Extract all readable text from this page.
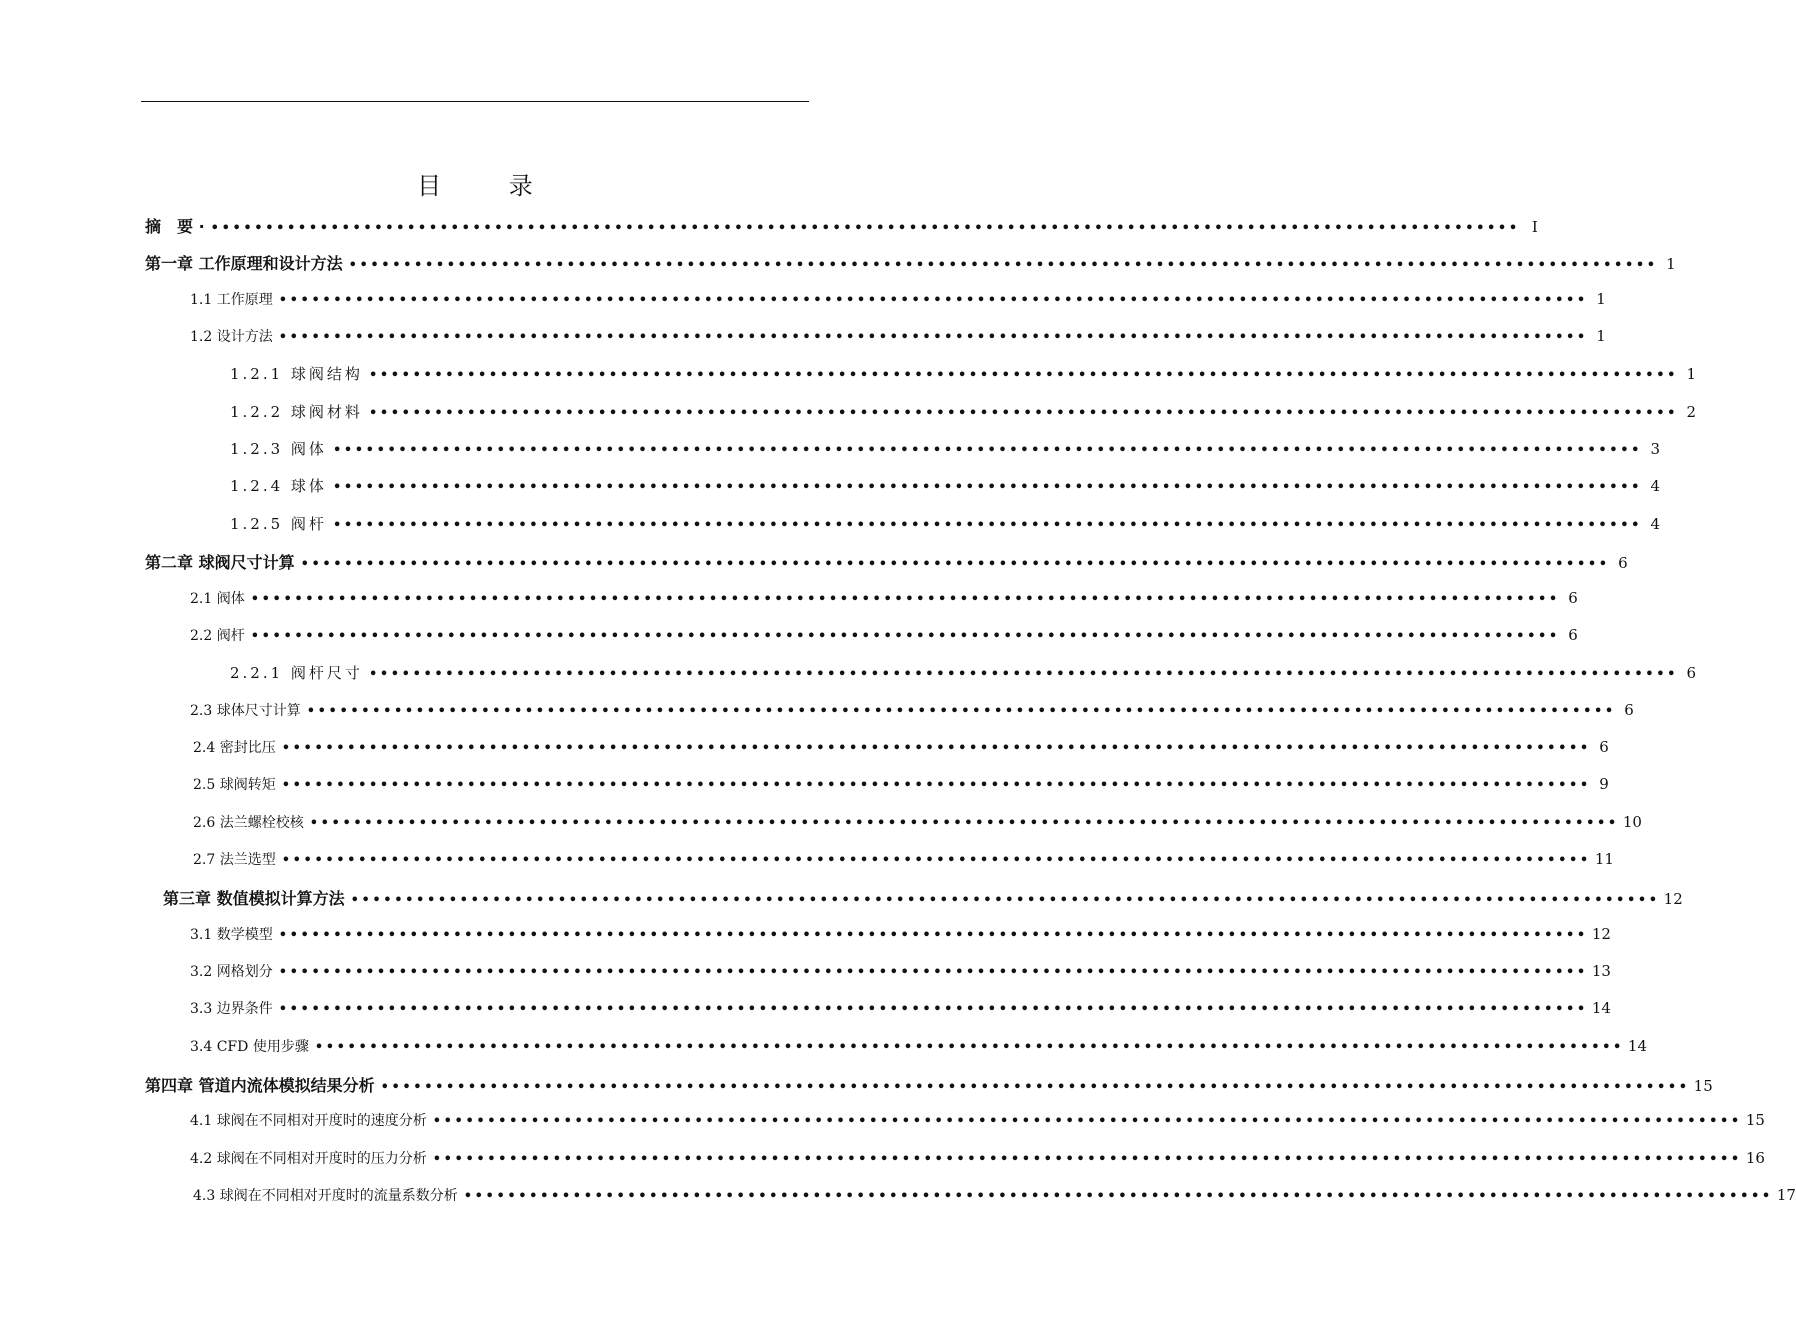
目 录
摘　要 · •••••••••••••••••••••••••••••••••••••••••••••••••••••••••••••••••••••••••••••••••••••••••••••••••••••••••••••••••••••••• I
第一章 工作原理和设计方法 •••••••••••••••••••••••••••••••••••••••••••••••••••••••••••••••••••••••••••••••••••••••••••••••••••••••••••••••••••••••• 1
1.1 工作原理 •••••••••••••••••••••••••••••••••••••••••••••••••••••••••••••••••••••••••••••••••••••••••••••••••••••••••••••••••••••••• 1
1.2 设计方法 •••••••••••••••••••••••••••••••••••••••••••••••••••••••••••••••••••••••••••••••••••••••••••••••••••••••••••••••••••••••• 1
1.2.1 球阀结构 •••••••••••••••••••••••••••••••••••••••••••••••••••••••••••••••••••••••••••••••••••••••••••••••••••••••••••••••••••••••• 1
1.2.2 球阀材料 •••••••••••••••••••••••••••••••••••••••••••••••••••••••••••••••••••••••••••••••••••••••••••••••••••••••••••••••••••••••• 2
1.2.3 阀体 •••••••••••••••••••••••••••••••••••••••••••••••••••••••••••••••••••••••••••••••••••••••••••••••••••••••••••••••••••••••• 3
1.2.4 球体 •••••••••••••••••••••••••••••••••••••••••••••••••••••••••••••••••••••••••••••••••••••••••••••••••••••••••••••••••••••••• 4
1.2.5 阀杆 •••••••••••••••••••••••••••••••••••••••••••••••••••••••••••••••••••••••••••••••••••••••••••••••••••••••••••••••••••••••• 4
第二章 球阀尺寸计算 •••••••••••••••••••••••••••••••••••••••••••••••••••••••••••••••••••••••••••••••••••••••••••••••••••••••••••••••••••••••• 6
2.1 阀体 •••••••••••••••••••••••••••••••••••••••••••••••••••••••••••••••••••••••••••••••••••••••••••••••••••••••••••••••••••••••• 6
2.2 阀杆 •••••••••••••••••••••••••••••••••••••••••••••••••••••••••••••••••••••••••••••••••••••••••••••••••••••••••••••••••••••••• 6
2.2.1 阀杆尺寸 •••••••••••••••••••••••••••••••••••••••••••••••••••••••••••••••••••••••••••••••••••••••••••••••••••••••••••••••••••••••• 6
2.3 球体尺寸计算 •••••••••••••••••••••••••••••••••••••••••••••••••••••••••••••••••••••••••••••••••••••••••••••••••••••••••••••••••••••••• 6
2.4 密封比压 •••••••••••••••••••••••••••••••••••••••••••••••••••••••••••••••••••••••••••••••••••••••••••••••••••••••••••••••••••••••• 6
2.5 球阀转矩 •••••••••••••••••••••••••••••••••••••••••••••••••••••••••••••••••••••••••••••••••••••••••••••••••••••••••••••••••••••••• 9
2.6 法兰螺栓校核 •••••••••••••••••••••••••••••••••••••••••••••••••••••••••••••••••••••••••••••••••••••••••••••••••••••••••••••••••••••••• 10
2.7 法兰选型 •••••••••••••••••••••••••••••••••••••••••••••••••••••••••••••••••••••••••••••••••••••••••••••••••••••••••••••••••••••••• 11
第三章 数值模拟计算方法 •••••••••••••••••••••••••••••••••••••••••••••••••••••••••••••••••••••••••••••••••••••••••••••••••••••••••••••••••••••••• 12
3.1 数学模型 •••••••••••••••••••••••••••••••••••••••••••••••••••••••••••••••••••••••••••••••••••••••••••••••••••••••••••••••••••••••• 12
3.2 网格划分 •••••••••••••••••••••••••••••••••••••••••••••••••••••••••••••••••••••••••••••••••••••••••••••••••••••••••••••••••••••••• 13
3.3 边界条件 •••••••••••••••••••••••••••••••••••••••••••••••••••••••••••••••••••••••••••••••••••••••••••••••••••••••••••••••••••••••• 14
3.4 CFD 使用步骤 •••••••••••••••••••••••••••••••••••••••••••••••••••••••••••••••••••••••••••••••••••••••••••••••••••••••••••••••••••••••• 14
第四章 管道内流体模拟结果分析 •••••••••••••••••••••••••••••••••••••••••••••••••••••••••••••••••••••••••••••••••••••••••••••••••••••••••••••••••••••••• 15
4.1 球阀在不同相对开度时的速度分析 •••••••••••••••••••••••••••••••••••••••••••••••••••••••••••••••••••••••••••••••••••••••••••••••••••••••••••••••••••••••• 15
4.2 球阀在不同相对开度时的压力分析 •••••••••••••••••••••••••••••••••••••••••••••••••••••••••••••••••••••••••••••••••••••••••••••••••••••••••••••••••••••••• 16
4.3 球阀在不同相对开度时的流量系数分析 •••••••••••••••••••••••••••••••••••••••••••••••••••••••••••••••••••••••••••••••••••••••••••••••••••••••••••••••••••••••• 17
